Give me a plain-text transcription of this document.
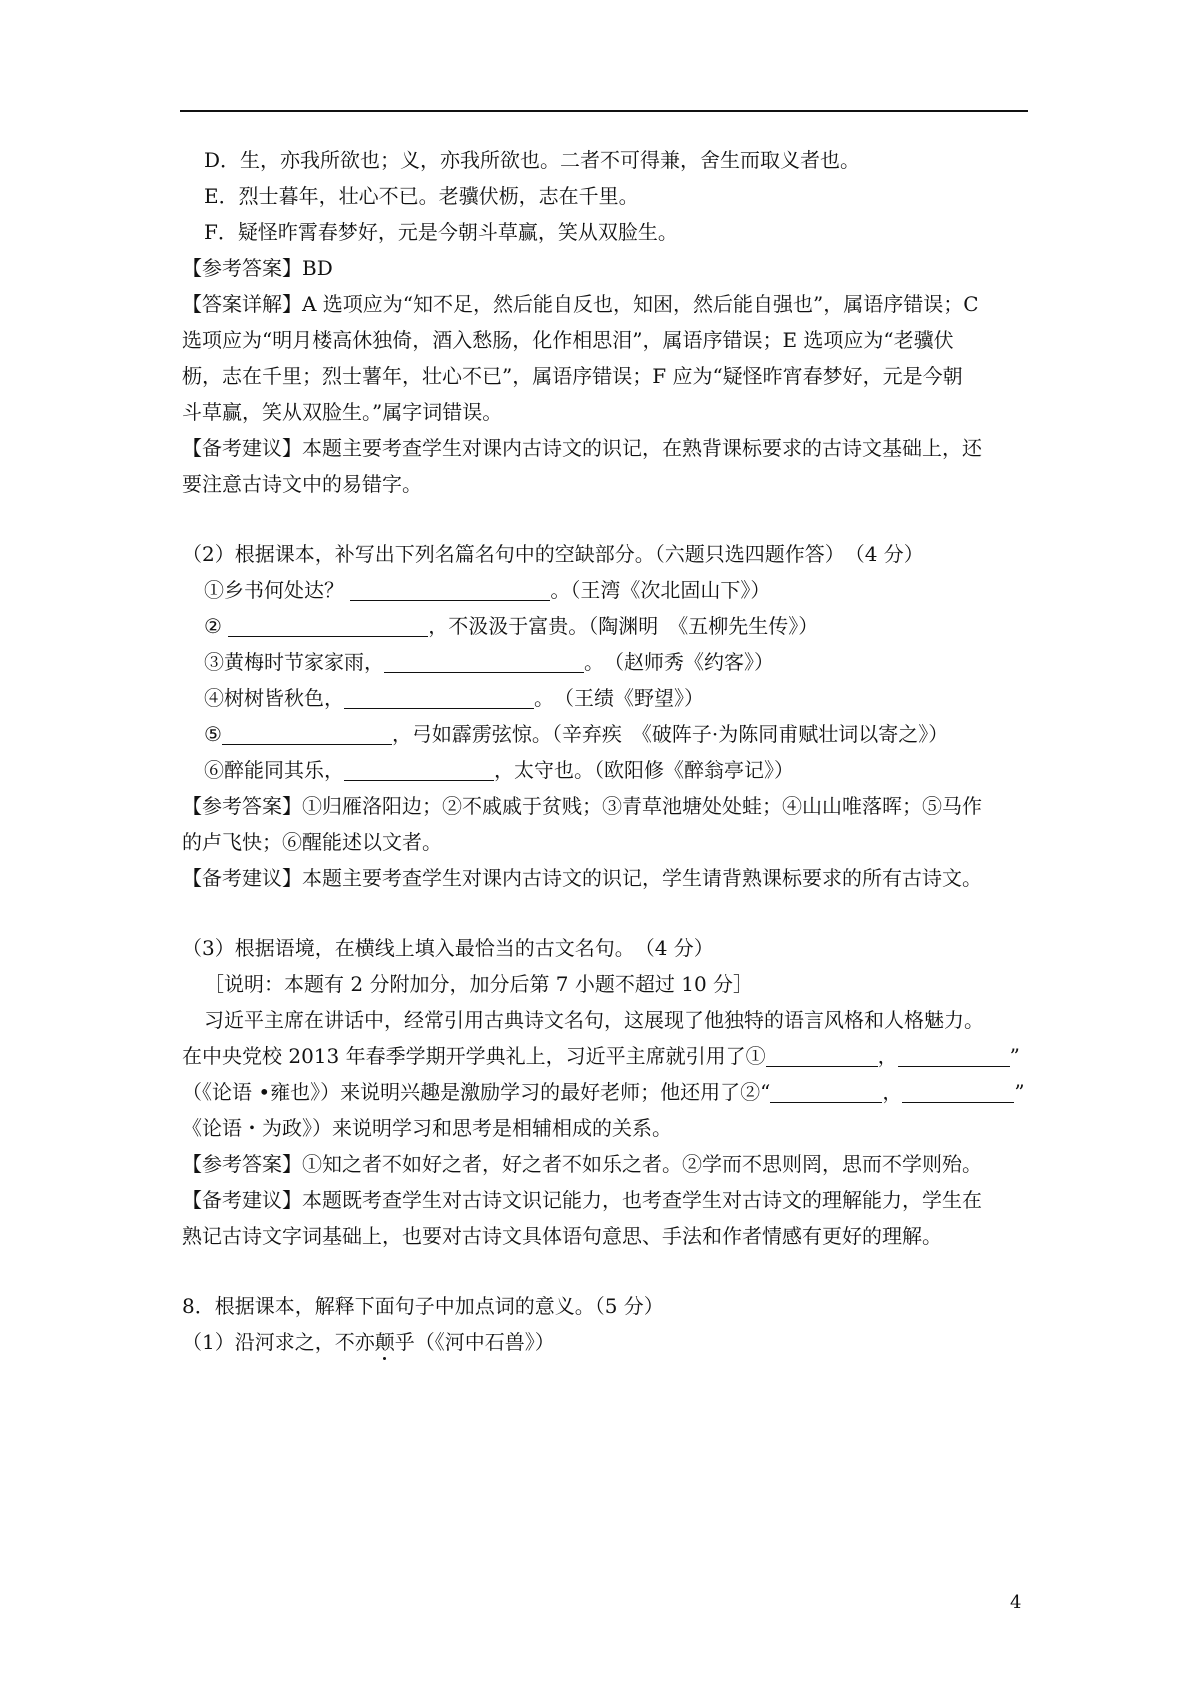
D．生，亦我所欲也；义，亦我所欲也。二者不可得兼，舍生而取义者也。
E．烈士暮年，壮心不已。老骥伏枥，志在千里。
F．疑怪昨霄春梦好，元是今朝斗草赢，笑从双脸生。
【参考答案】BD
【答案详解】A 选项应为“知不足，然后能自反也，知困，然后能自强也”，属语序错误；C
选项应为“明月楼高休独倚，酒入愁肠，化作相思泪”，属语序错误；E 选项应为“老骥伏
枥，志在千里；烈士薯年，壮心不已”，属语序错误；F 应为“疑怪昨宵春梦好，元是今朝
斗草赢，笑从双脸生。”属字词错误。
【备考建议】本题主要考查学生对课内古诗文的识记，在熟背课标要求的古诗文基础上，还
要注意古诗文中的易错字。
（2）根据课本，补写出下列名篇名句中的空缺部分。（六题只选四题作答）　（4 分）
①乡书何处达？	。（王湾《次北固山下》）
②	，不汲汲于富贵。（陶渊明　《五柳先生传》）
③黄梅时节家家雨，	。　（赵师秀《约客》）
④树树皆秋色，	。　（王绩《野望》）
⑤	，弓如霹雳弦惊。（辛弃疾　《破阵子·为陈同甫赋壮词以寄之》）
⑥醉能同其乐，	，太守也。（欧阳修《醉翁亭记》）
【参考答案】①归雁洛阳边；②不戚戚于贫贱；③青草池塘处处蛙；④山山唯落晖；⑤马作
的卢飞快；⑥醒能述以文者。
【备考建议】本题主要考查学生对课内古诗文的识记，学生请背熟课标要求的所有古诗文。
（3）根据语境，在横线上填入最恰当的古文名句。　（4 分）
［说明：本题有 2 分附加分，加分后第 7 小题不超过 10 分］
习近平主席在讲话中，经常引用古典诗文名句，这展现了他独特的语言风格和人格魅力。
在中央党校 2013 年春季学期开学典礼上，习近平主席就引用了①	，	”
（《论语 •雍也》）来说明兴趣是激励学习的最好老师；他还用了②“	，	”
《论语・为政》）来说明学习和思考是相辅相成的关系。
【参考答案】①知之者不如好之者，好之者不如乐之者。②学而不思则罔，思而不学则殆。
【备考建议】本题既考查学生对古诗文识记能力，也考查学生对古诗文的理解能力，学生在
熟记古诗文字词基础上，也要对古诗文具体语句意思、手法和作者情感有更好的理解。
8．根据课本，解释下面句子中加点词的意义。（5 分）
（1）沿河求之，不亦颠乎（《河中石兽》）
4
